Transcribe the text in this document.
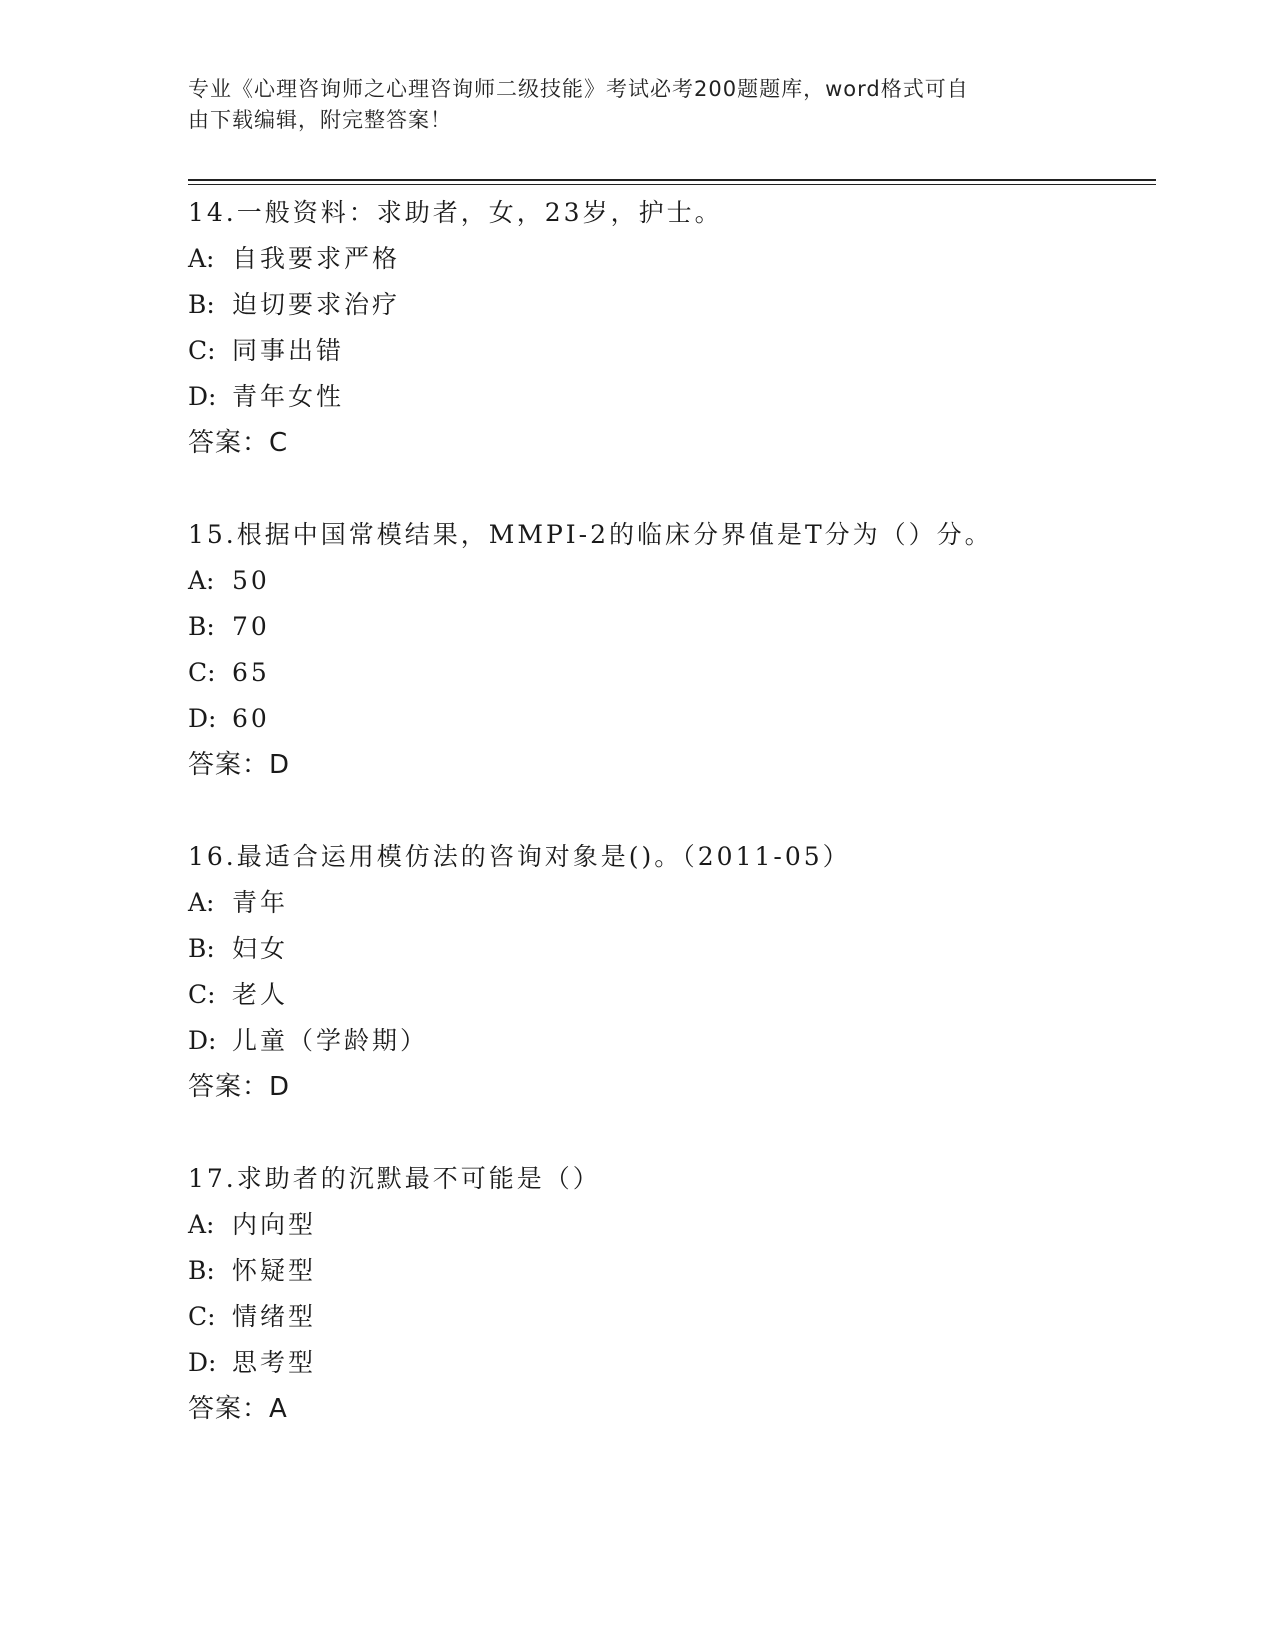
专业《心理咨询师之心理咨询师二级技能》考试必考200题题库，word格式可自
由下载编辑，附完整答案！
14.一般资料：求助者，女，23岁，护士。
A: 自我要求严格
B: 迫切要求治疗
C: 同事出错
D: 青年女性
答案：C
15.根据中国常模结果，MMPI-2的临床分界值是T分为（）分。
A: 50
B: 70
C: 65
D: 60
答案：D
16.最适合运用模仿法的咨询对象是()。（2011-05）
A: 青年
B: 妇女
C: 老人
D: 儿童（学龄期）
答案：D
17.求助者的沉默最不可能是（）
A: 内向型
B: 怀疑型
C: 情绪型
D: 思考型
答案：A
